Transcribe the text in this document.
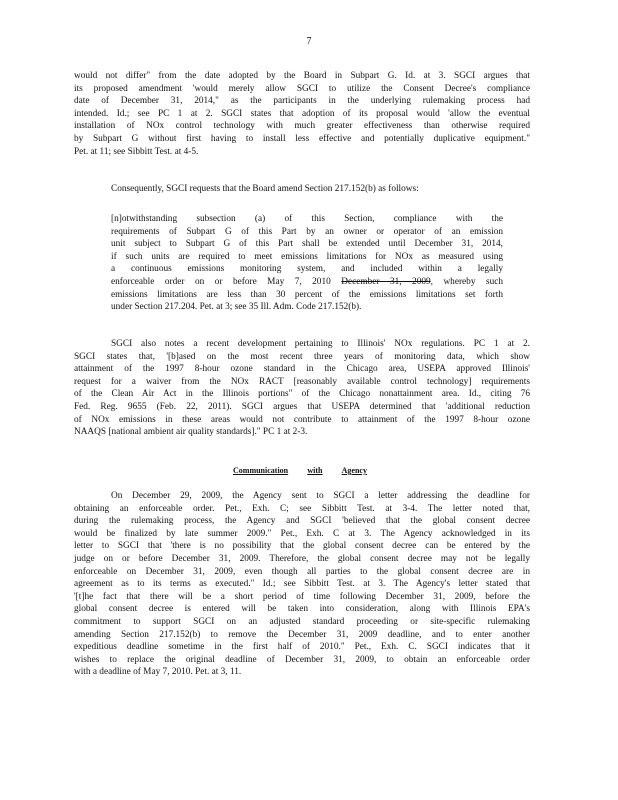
7
would not differ" from the date adopted by the Board in Subpart G. Id. at 3. SGCI argues that
its proposed amendment 'would merely allow SGCI to utilize the Consent Decree's compliance
date of December 31, 2014," as the participants in the underlying rulemaking process had
intended. Id.; see PC 1 at 2. SGCI states that adoption of its proposal would 'allow the eventual
installation of NOx control technology with much greater effectiveness than otherwise required
by Subpart G without first having to install less effective and potentially duplicative equipment."
Pet. at 11; see Sibbitt Test. at 4-5.
Consequently, SGCI requests that the Board amend Section 217.152(b) as follows:
[n]otwithstanding subsection (a) of this Section, compliance with the
requirements of Subpart G of this Part by an owner or operator of an emission
unit subject to Subpart G of this Part shall be extended until December 31, 2014,
if such units are required to meet emissions limitations for NOx as measured using
a continuous emissions monitoring system, and included within a legally
enforceable order on or before May 7, 2010 December 31, 2009, whereby such
emissions limitations are less than 30 percent of the emissions limitations set forth
under Section 217.204. Pet. at 3; see 35 Ill. Adm. Code 217.152(b).
SGCI also notes a recent development pertaining to Illinois' NOx regulations. PC 1 at 2.
SGCI states that, '[b]ased on the most recent three years of monitoring data, which show
attainment of the 1997 8-hour ozone standard in the Chicago area, USEPA approved Illinois'
request for a waiver from the NOx RACT [reasonably available control technology] requirements
of the Clean Air Act in the Illinois portions" of the Chicago nonattainment area. Id., citing 76
Fed. Reg. 9655 (Feb. 22, 2011). SGCI argues that USEPA determined that 'additional reduction
of NOx emissions in these areas would not contribute to attainment of the 1997 8-hour ozone
NAAQS [national ambient air quality standards]." PC 1 at 2-3.
Communication with Agency
On December 29, 2009, the Agency sent to SGCI a letter addressing the deadline for
obtaining an enforceable order. Pet., Exh. C; see Sibbitt Test. at 3-4. The letter noted that,
during the rulemaking process, the Agency and SGCI 'believed that the global consent decree
would be finalized by late summer 2009." Pet., Exh. C at 3. The Agency acknowledged in its
letter to SGCI that 'there is no possibility that the global consent decree can be entered by the
judge on or before December 31, 2009. Therefore, the global consent decree may not be legally
enforceable on December 31, 2009, even though all parties to the global consent decree are in
agreement as to its terms as executed." Id.; see Sibbitt Test. at 3. The Agency's letter stated that
'[t]he fact that there will be a short period of time following December 31, 2009, before the
global consent decree is entered will be taken into consideration, along with Illinois EPA's
commitment to support SGCI on an adjusted standard proceeding or site-specific rulemaking
amending Section 217.152(b) to remove the December 31, 2009 deadline, and to enter another
expeditious deadline sometime in the first half of 2010." Pet., Exh. C. SGCI indicates that it
wishes to replace the original deadline of December 31, 2009, to obtain an enforceable order
with a deadline of May 7, 2010. Pet. at 3, 11.
